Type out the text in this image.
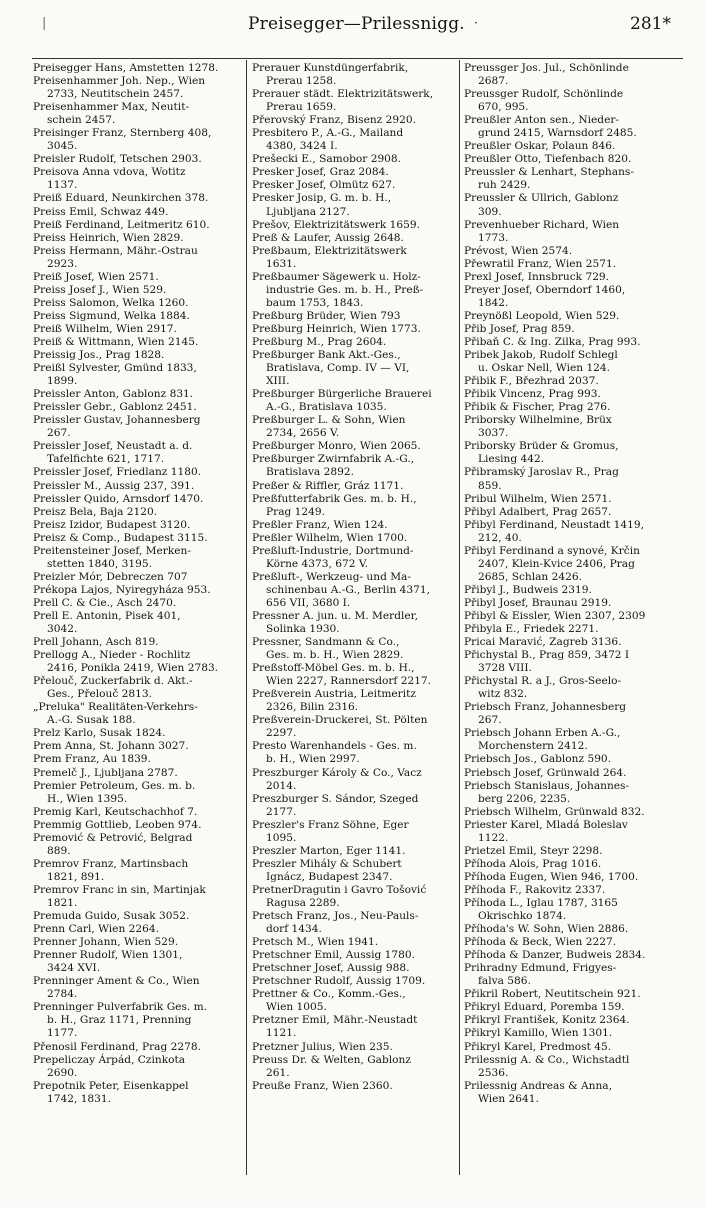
|	Preisegger—Prilessnigg. ·	281*
Preisegger Hans, Amstetten 1278.
Preisenhammer Joh. Nep., Wien
2733, Neutitschein 2457.
Preisenhammer Max, Neutit-
schein 2457.
Preisinger Franz, Sternberg 408,
3045.
Preisler Rudolf, Tetschen 2903.
Preisova Anna vdova, Wotitz
1137.
Preiß Eduard, Neunkirchen 378.
Preiss Emil, Schwaz 449.
Preiß Ferdinand, Leitmeritz 610.
Preiss Heinrich, Wien 2829.
Preiss Hermann, Mähr.-Ostrau
2923.
Preiß Josef, Wien 2571.
Preiss Josef J., Wien 529.
Preiss Salomon, Welka 1260.
Preiss Sigmund, Welka 1884.
Preiß Wilhelm, Wien 2917.
Preiß & Wittmann, Wien 2145.
Preissig Jos., Prag 1828.
Preißl Sylvester, Gmünd 1833,
1899.
Preissler Anton, Gablonz 831.
Preissler Gebr., Gablonz 2451.
Preissler Gustav, Johannesberg
267.
Preissler Josef, Neustadt a. d.
Tafelfichte 621, 1717.
Preissler Josef, Friedlanz 1180.
Preissler M., Aussig 237, 391.
Preissler Quido, Arnsdorf 1470.
Preisz Bela, Baja 2120.
Preisz Izidor, Budapest 3120.
Preisz & Comp., Budapest 3115.
Preitensteiner Josef, Merken-
stetten 1840, 3195.
Preizler Mór, Debreczen 707
Prékopa Lajos, Nyiregyháza 953.
Prell C. & Cie., Asch 2470.
Prell E. Antonin, Pisek 401,
3042.
Prell Johann, Asch 819.
Prellogg A., Nieder - Rochlitz
2416, Ponikla 2419, Wien 2783.
Přelouč, Zuckerfabrik d. Akt.-
Ges., Přelouč 2813.
„Preluka" Realitäten-Verkehrs-
A.-G. Susak 188.
Prelz Karlo, Susak 1824.
Prem Anna, St. Johann 3027.
Prem Franz, Au 1839.
Premelč J., Ljubljana 2787.
Premier Petroleum, Ges. m. b.
H., Wien 1395.
Premig Karl, Keutschachhof 7.
Premmig Gottlieb, Leoben 974.
Premović & Petrović, Belgrad
889.
Premrov Franz, Martinsbach
1821, 891.
Premrov Franc in sin, Martinjak
1821.
Premuda Guido, Susak 3052.
Prenn Carl, Wien 2264.
Prenner Johann, Wien 529.
Prenner Rudolf, Wien 1301,
3424 XVI.
Prenninger Ament & Co., Wien
2784.
Prenninger Pulverfabrik Ges. m.
b. H., Graz 1171, Prenning
1177.
Přenosil Ferdinand, Prag 2278.
Prepeliczay Árpád, Czinkota
2690.
Prepotnik Peter, Eisenkappel
1742, 1831.
Prerauer Kunstdüngerfabrik,
Prerau 1258.
Prerauer städt. Elektrizitätswerk,
Prerau 1659.
Přerovský Franz, Bisenz 2920.
Presbitero P., A.-G., Mailand
4380, 3424 I.
Prešecki E., Samobor 2908.
Presker Josef, Graz 2084.
Presker Josef, Olmütz 627.
Presker Josip, G. m. b. H.,
Ljubljana 2127.
Prešov, Elektrizitätswerk 1659.
Preß & Laufer, Aussig 2648.
Preßbaum, Elektrizitätswerk
1631.
Preßbaumer Sägewerk u. Holz-
industrie Ges. m. b. H., Preß-
baum 1753, 1843.
Preßburg Brüder, Wien 793
Preßburg Heinrich, Wien 1773.
Preßburg M., Prag 2604.
Preßburger Bank Akt.-Ges.,
Bratislava, Comp. IV — VI,
XIII.
Preßburger Bürgerliche Brauerei
A.-G., Bratislava 1035.
Preßburger L. & Sohn, Wien
2734, 2656 V.
Preßburger Monro, Wien 2065.
Preßburger Zwirnfabrik A.-G.,
Bratislava 2892.
Preßer & Riffler, Gráz 1171.
Preßfutterfabrik Ges. m. b. H.,
Prag 1249.
Preßler Franz, Wien 124.
Preßler Wilhelm, Wien 1700.
Preßluft-Industrie, Dortmund-
Körne 4373, 672 V.
Preßluft-, Werkzeug- und Ma-
schinenbau A.-G., Berlin 4371,
656 VII, 3680 I.
Pressner A. jun. u. M. Merdler,
Solinka 1930.
Pressner, Sandmann & Co.,
Ges. m. b. H., Wien 2829.
Preßstoff-Möbel Ges. m. b. H.,
Wien 2227, Rannersdorf 2217.
Preßverein Austria, Leitmeritz
2326, Bilin 2316.
Preßverein-Druckerei, St. Pölten
2297.
Presto Warenhandels - Ges. m.
b. H., Wien 2997.
Preszburger Károly & Co., Vacz
2014.
Preszburger S. Sándor, Szeged
2177.
Preszler's Franz Söhne, Eger
1095.
Preszler Marton, Eger 1141.
Preszler Mihály & Schubert
Ignácz, Budapest 2347.
PretnerDragutin i Gavro Tošović
Ragusa 2289.
Pretsch Franz, Jos., Neu-Pauls-
dorf 1434.
Pretsch M., Wien 1941.
Pretschner Emil, Aussig 1780.
Pretschner Josef, Aussig 988.
Pretschner Rudolf, Aussig 1709.
Prettner & Co., Komm.-Ges.,
Wien 1005.
Pretzner Emil, Mähr.-Neustadt
1121.
Pretzner Julius, Wien 235.
Preuss Dr. & Welten, Gablonz
261.
Preuße Franz, Wien 2360.
Preussger Jos. Jul., Schönlinde
2687.
Preussger Rudolf, Schönlinde
670, 995.
Preußler Anton sen., Nieder-
grund 2415, Warnsdorf 2485.
Preußler Oskar, Polaun 846.
Preußler Otto, Tiefenbach 820.
Preussler & Lenhart, Stephans-
ruh 2429.
Preussler & Ullrich, Gablonz
309.
Prevenhueber Richard, Wien
1773.
Prévost, Wien 2574.
Přewratil Franz, Wien 2571.
Prexl Josef, Innsbruck 729.
Preyer Josef, Oberndorf 1460,
1842.
Preynößl Leopold, Wien 529.
Přib Josef, Prag 859.
Přibaň C. & Ing. Zilka, Prag 993.
Pribek Jakob, Rudolf Schlegl
u. Oskar Nell, Wien 124.
Přibik F., Březhrad 2037.
Přibik Vincenz, Prag 993.
Přibik & Fischer, Prag 276.
Priborsky Wilhelmine, Brüx
3037.
Priborsky Brüder & Gromus,
Liesing 442.
Přibramský Jaroslav R., Prag
859.
Pribul Wilhelm, Wien 2571.
Přibyl Adalbert, Prag 2657.
Přibyl Ferdinand, Neustadt 1419,
212, 40.
Přibyl Ferdinand a synové, Krčin
2407, Klein-Kvice 2406, Prag
2685, Schlan 2426.
Přibyl J., Budweis 2319.
Přibyl Josef, Braunau 2919.
Přibyl & Eissler, Wien 2307, 2309
Přibyla E., Friedek 2271.
Pricai Maravić, Zagreb 3136.
Přichystal B., Prag 859, 3472 I
3728 VIII.
Přichystal R. a J., Gros-Seelo-
witz 832.
Priebsch Franz, Johannesberg
267.
Priebsch Johann Erben A.-G.,
Morchenstern 2412.
Priebsch Jos., Gablonz 590.
Priebsch Josef, Grünwald 264.
Priebsch Stanislaus, Johannes-
berg 2206, 2235.
Priebsch Wilhelm, Grünwald 832.
Priester Karel, Mladá Boleslav
1122.
Prietzel Emil, Steyr 2298.
Příhoda Alois, Prag 1016.
Příhoda Eugen, Wien 946, 1700.
Příhoda F., Rakovitz 2337.
Příhoda L., Iglau 1787, 3165
Okrischko 1874.
Příhoda's W. Sohn, Wien 2886.
Příhoda & Beck, Wien 2227.
Příhoda & Danzer, Budweis 2834.
Prihradny Edmund, Frigyes-
falva 586.
Přikril Robert, Neutitschein 921.
Přikryl Eduard, Poremba 159.
Přikryl František, Konitz 2364.
Přikryl Kamillo, Wien 1301.
Přikryl Karel, Predmost 45.
Prilessnig A. & Co., Wichstadtl
2536.
Prilessnig Andreas & Anna,
Wien 2641.
